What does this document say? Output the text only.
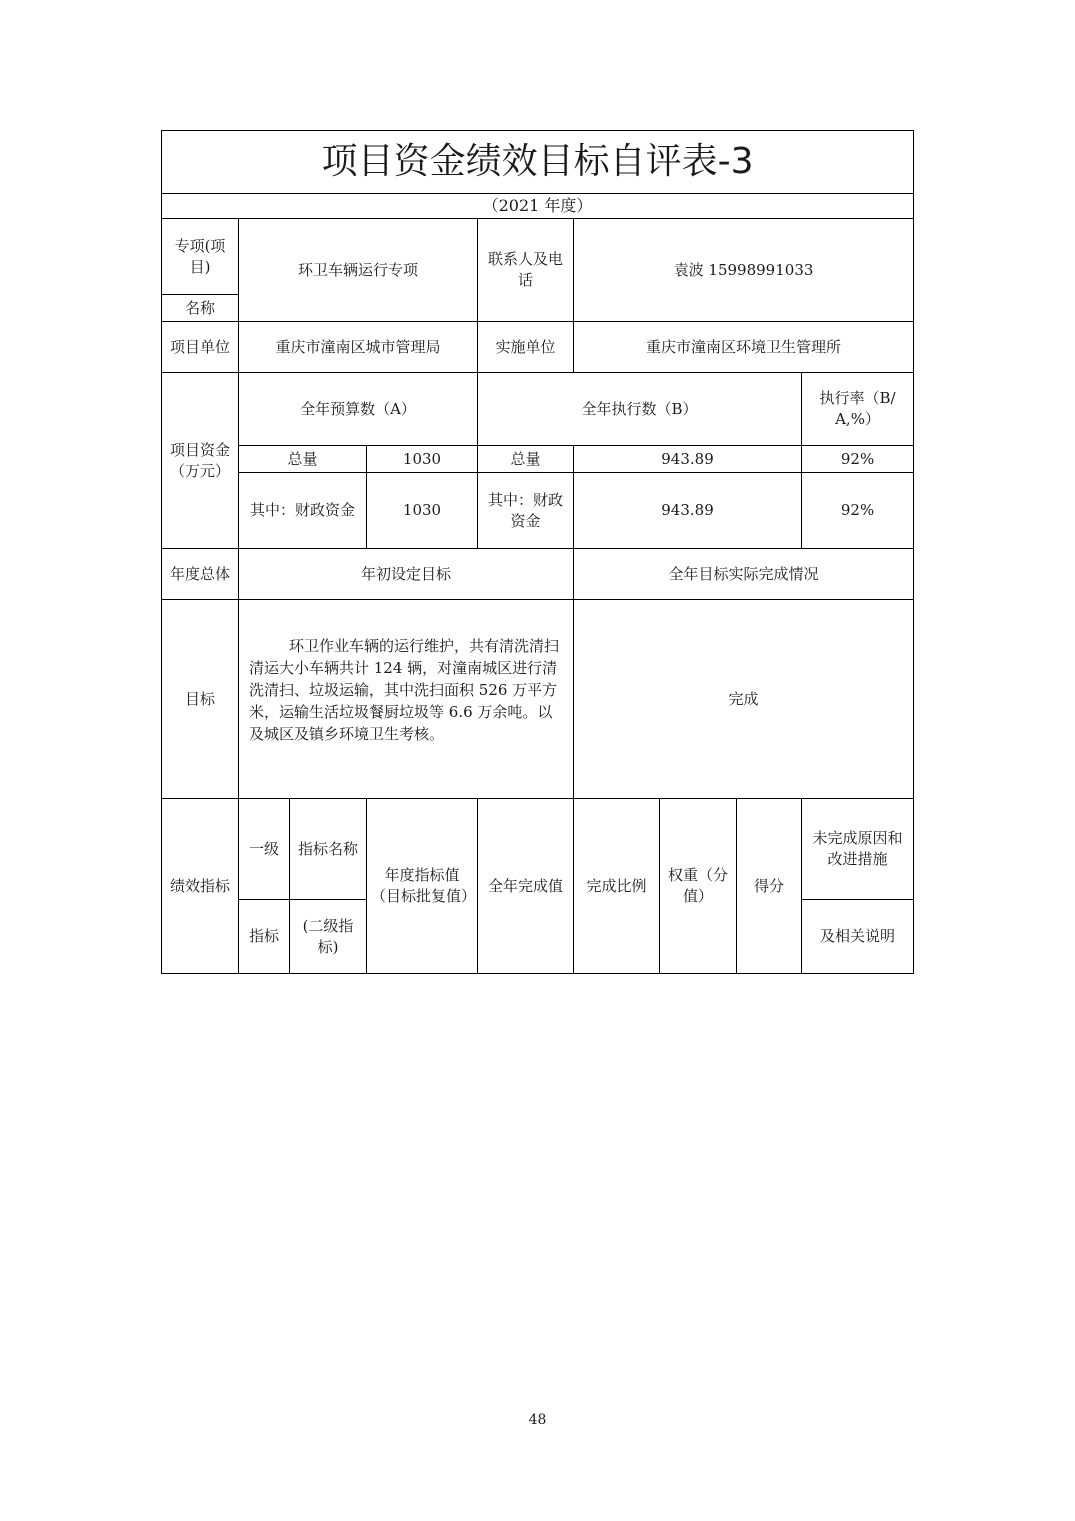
项目资金绩效目标自评表-3								
（2021 年度）								
专项(项目)	环卫车辆运行专项			联系人及电话	袁波 15998991033			
名称								
项目单位	重庆市潼南区城市管理局			实施单位	重庆市潼南区环境卫生管理所			
项目资金（万元）	全年预算数（A）			全年执行数（B）				执行率（B/A,%）
	总量		1030	总量	943.89			92%
	其中：财政资金		1030	其中：财政资金	943.89			92%
年度总体	年初设定目标				全年目标实际完成情况			
目标	环卫作业车辆的运行维护，共有清洗清扫清运大小车辆共计 124 辆，对潼南城区进行清洗清扫、垃圾运输，其中洗扫面积 526 万平方米，运输生活垃圾餐厨垃圾等 6.6 万余吨。以及城区及镇乡环境卫生考核。				完成			
绩效指标	一级	指标名称	年度指标值（目标批复值）	全年完成值	完成比例	权重（分值）	得分	未完成原因和改进措施
	指标	(二级指标)						及相关说明
48
